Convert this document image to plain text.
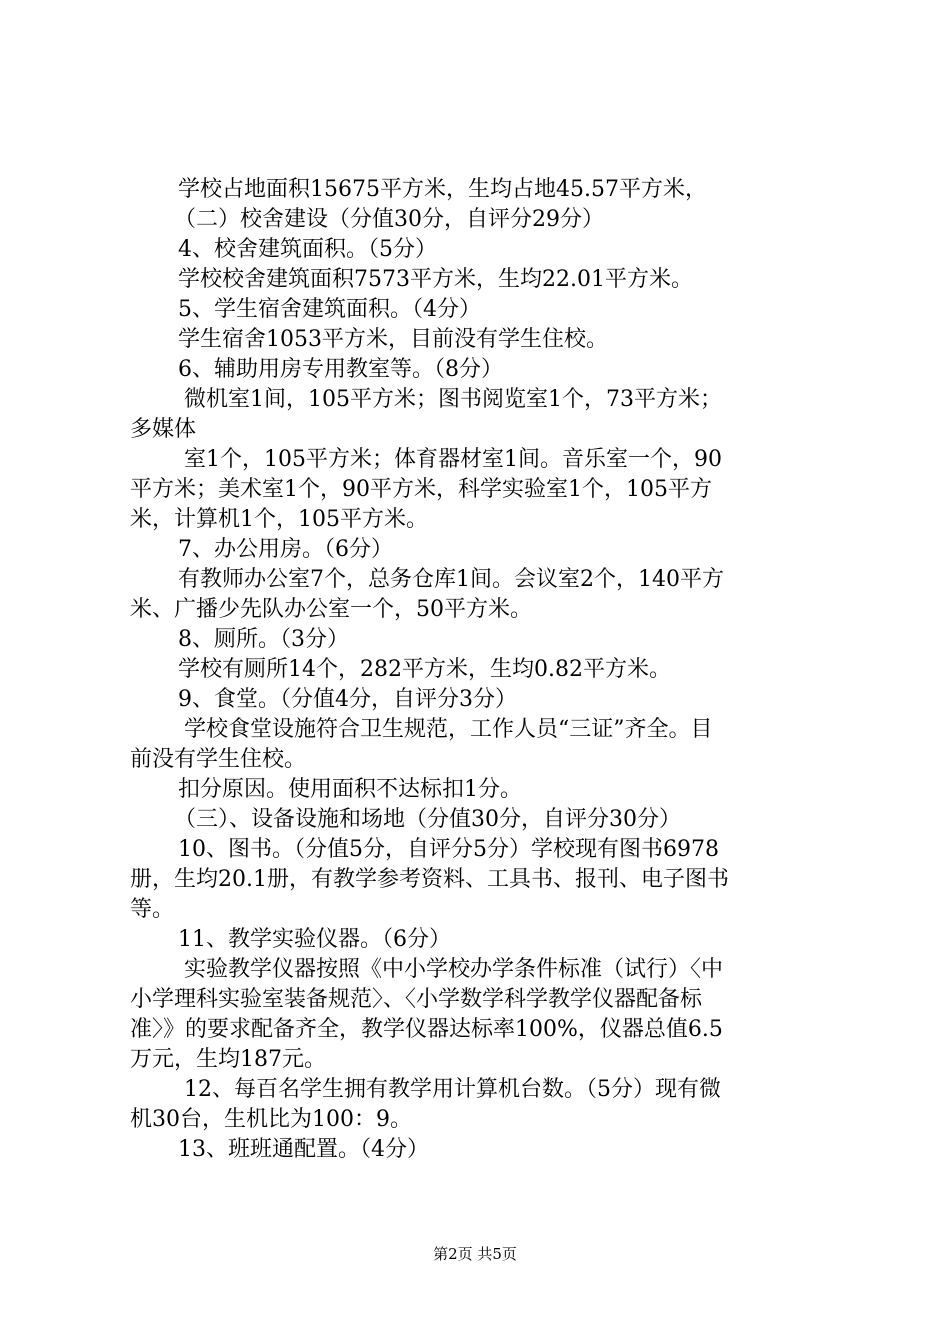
学校占地面积15675平方米，生均占地45.57平方米，

（二）校舍建设（分值30分，自评分29分）

4、校舍建筑面积。（5分）

学校校舍建筑面积7573平方米，生均22.01平方米。

5、学生宿舍建筑面积。（4分）

学生宿舍1053平方米，目前没有学生住校。

6、辅助用房专用教室等。（8分）

微机室1间，105平方米；图书阅览室1个，73平方米；

多媒体

室1个，105平方米；体育器材室1间。音乐室一个，90

平方米；美术室1个，90平方米，科学实验室1个，105平方

米，计算机1个，105平方米。

7、办公用房。（6分）

有教师办公室7个，总务仓库1间。会议室2个，140平方

米、广播少先队办公室一个，50平方米。

8、厕所。（3分）

学校有厕所14个，282平方米，生均0.82平方米。

9、食堂。（分值4分，自评分3分）

学校食堂设施符合卫生规范，工作人员“三证”齐全。目

前没有学生住校。

扣分原因。使用面积不达标扣1分。

（三）、设备设施和场地（分值30分，自评分30分）

10、图书。（分值5分，自评分5分）学校现有图书6978

册，生均20.1册，有教学参考资料、工具书、报刊、电子图书

等。

11、教学实验仪器。（6分）

实验教学仪器按照《中小学校办学条件标准（试行）〈中

小学理科实验室装备规范〉、〈小学数学科学教学仪器配备标

准〉》的要求配备齐全，教学仪器达标率100%，仪器总值6.5

万元，生均187元。

12、每百名学生拥有教学用计算机台数。（5分）现有微

机30台，生机比为100：9。

13、班班通配置。（4分）

第2页 共5页
